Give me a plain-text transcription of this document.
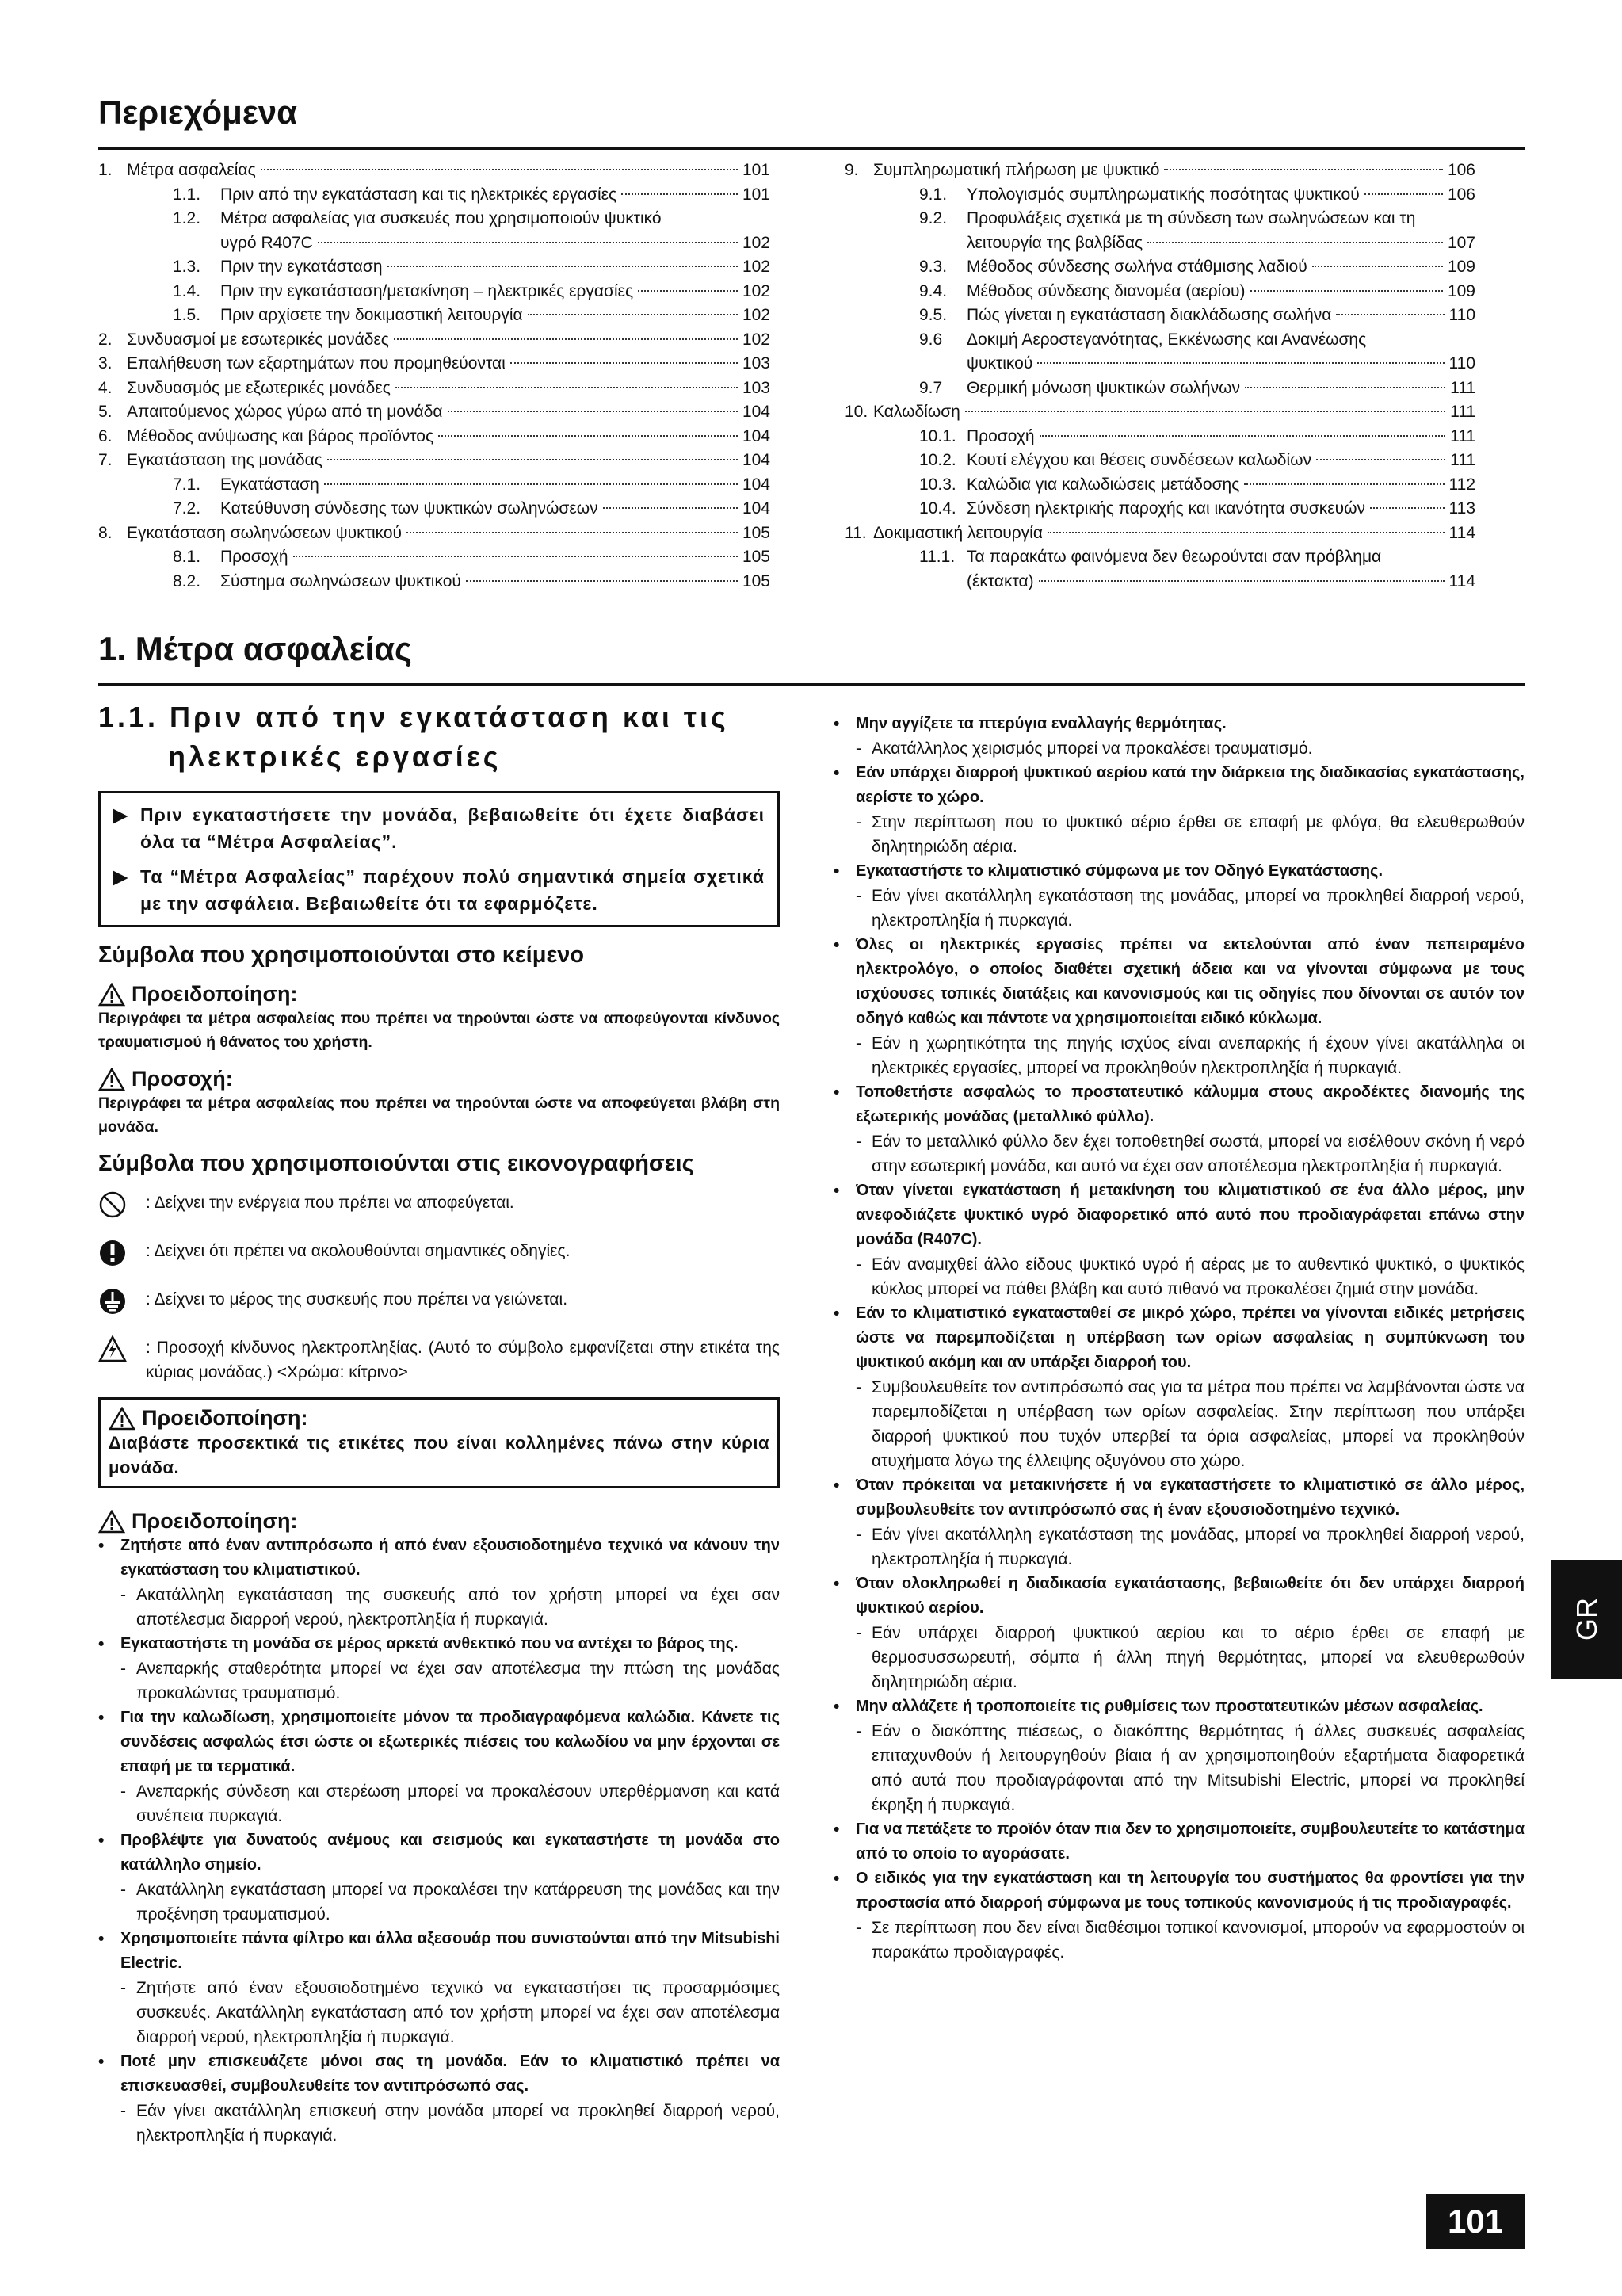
Περιεχόμενα
1. Μέτρα ασφαλείας	101
1.1.	Πριν από την εγκατάσταση και τις ηλεκτρικές εργασίες	101
1.2.	Μέτρα ασφαλείας για συσκευές που χρησιμοποιούν ψυκτικό
υγρό R407C	102
1.3.	Πριν την εγκατάσταση	102
1.4.	Πριν την εγκατάσταση/μετακίνηση – ηλεκτρικές εργασίες	102
1.5.	Πριν αρχίσετε την δοκιμαστική λειτουργία	102
2. Συνδυασμοί με εσωτερικές μονάδες	102
3. Επαλήθευση των εξαρτημάτων που προμηθεύονται	103
4. Συνδυασμός με εξωτερικές μονάδες	103
5. Απαιτούμενος χώρος γύρω από τη μονάδα	104
6. Μέθοδος ανύψωσης και βάρος προϊόντος	104
7. Εγκατάσταση της μονάδας	104
7.1.	Εγκατάσταση	104
7.2.	Κατεύθυνση σύνδεσης των ψυκτικών σωληνώσεων	104
8. Εγκατάσταση σωληνώσεων ψυκτικού	105
8.1.	Προσοχή	105
8.2.	Σύστημα σωληνώσεων ψυκτικού	105
9. Συμπληρωματική πλήρωση με ψυκτικό	106
9.1.	Υπολογισμός συμπληρωματικής ποσότητας ψυκτικού	106
9.2.	Προφυλάξεις σχετικά με τη σύνδεση των σωληνώσεων και τη
λειτουργία της βαλβίδας	107
9.3.	Μέθοδος σύνδεσης σωλήνα στάθμισης λαδιού	109
9.4.	Μέθοδος σύνδεσης διανομέα (αερίου)	109
9.5.	Πώς γίνεται η εγκατάσταση διακλάδωσης σωλήνα	110
9.6	Δοκιμή Αεροστεγανότητας, Εκκένωσης και Ανανέωσης
ψυκτικού	110
9.7	Θερμική μόνωση ψυκτικών σωλήνων	111
10. Καλωδίωση	111
10.1. Προσοχή	111
10.2. Κουτί ελέγχου και θέσεις συνδέσεων καλωδίων	111
10.3. Καλώδια για καλωδιώσεις μετάδοσης	112
10.4. Σύνδεση ηλεκτρικής παροχής και ικανότητα συσκευών	113
11. Δοκιμαστική λειτουργία	114
11.1. Τα παρακάτω φαινόμενα δεν θεωρούνται σαν πρόβλημα
(έκτακτα)	114
1. Μέτρα ασφαλείας
1.1. Πριν από την εγκατάσταση και τις
ηλεκτρικές εργασίες
▶ Πριν εγκαταστήσετε την μονάδα, βεβαιωθείτε ότι έχετε διαβάσει όλα τα “Μέτρα Ασφαλείας”.
▶ Τα “Μέτρα Ασφαλείας” παρέχουν πολύ σημαντικά σημεία σχετικά με την ασφάλεια. Βεβαιωθείτε ότι τα εφαρμόζετε.
Σύμβολα που χρησιμοποιούνται στο κείμενο
Προειδοποίηση:
Περιγράφει τα μέτρα ασφαλείας που πρέπει να τηρούνται ώστε να αποφεύγονται κίνδυνος τραυματισμού ή θάνατος του χρήστη.
Προσοχή:
Περιγράφει τα μέτρα ασφαλείας που πρέπει να τηρούνται ώστε να αποφεύγεται βλάβη στη μονάδα.
Σύμβολα που χρησιμοποιούνται στις εικονογραφήσεις
: Δείχνει την ενέργεια που πρέπει να αποφεύγεται.
: Δείχνει ότι πρέπει να ακολουθούνται σημαντικές οδηγίες.
: Δείχνει το μέρος της συσκευής που πρέπει να γειώνεται.
: Προσοχή κίνδυνος ηλεκτροπληξίας. (Αυτό το σύμβολο εμφανίζεται στην ετικέτα της κύριας μονάδας.) <Χρώμα: κίτρινο>
Προειδοποίηση:
Διαβάστε προσεκτικά τις ετικέτες που είναι κολλημένες πάνω στην κύρια μονάδα.
Προειδοποίηση:
•	Ζητήστε από έναν αντιπρόσωπο ή από έναν εξουσιοδοτημένο τεχνικό να κάνουν την εγκατάσταση του κλιματιστικού.
- Ακατάλληλη εγκατάσταση της συσκευής από τον χρήστη μπορεί να έχει σαν αποτέλεσμα διαρροή νερού, ηλεκτροπληξία ή πυρκαγιά.
•	Εγκαταστήστε τη μονάδα σε μέρος αρκετά ανθεκτικό που να αντέχει το βάρος της.
- Ανεπαρκής σταθερότητα μπορεί να έχει σαν αποτέλεσμα την πτώση της μονάδας προκαλώντας τραυματισμό.
•	Για την καλωδίωση, χρησιμοποιείτε μόνον τα προδιαγραφόμενα καλώδια. Κάνετε τις συνδέσεις ασφαλώς έτσι ώστε οι εξωτερικές πιέσεις του καλωδίου να μην έρχονται σε επαφή με τα τερματικά.
- Ανεπαρκής σύνδεση και στερέωση μπορεί να προκαλέσουν υπερθέρμανση και κατά συνέπεια πυρκαγιά.
•	Προβλέψτε για δυνατούς ανέμους και σεισμούς και εγκαταστήστε τη μονάδα στο κατάλληλο σημείο.
- Ακατάλληλη εγκατάσταση μπορεί να προκαλέσει την κατάρρευση της μονάδας και την προξένηση τραυματισμού.
•	Χρησιμοποιείτε πάντα φίλτρο και άλλα αξεσουάρ που συνιστούνται από την Mitsubishi Electric.
- Ζητήστε από έναν εξουσιοδοτημένο τεχνικό να εγκαταστήσει τις προσαρμόσιμες συσκευές. Ακατάλληλη εγκατάσταση από τον χρήστη μπορεί να έχει σαν αποτέλεσμα διαρροή νερού, ηλεκτροπληξία ή πυρκαγιά.
•	Ποτέ μην επισκευάζετε μόνοι σας τη μονάδα. Εάν το κλιματιστικό πρέπει να επισκευασθεί, συμβουλευθείτε τον αντιπρόσωπό σας.
- Εάν γίνει ακατάλληλη επισκευή στην μονάδα μπορεί να προκληθεί διαρροή νερού, ηλεκτροπληξία ή πυρκαγιά.
•	Μην αγγίζετε τα πτερύγια εναλλαγής θερμότητας.
- Ακατάλληλος χειρισμός μπορεί να προκαλέσει τραυματισμό.
•	Εάν υπάρχει διαρροή ψυκτικού αερίου κατά την διάρκεια της διαδικασίας εγκατάστασης, αερίστε το χώρο.
- Στην περίπτωση που το ψυκτικό αέριο έρθει σε επαφή με φλόγα, θα ελευθερωθούν δηλητηριώδη αέρια.
•	Εγκαταστήστε το κλιματιστικό σύμφωνα με τον Οδηγό Εγκατάστασης.
- Εάν γίνει ακατάλληλη εγκατάσταση της μονάδας, μπορεί να προκληθεί διαρροή νερού, ηλεκτροπληξία ή πυρκαγιά.
•	Όλες οι ηλεκτρικές εργασίες πρέπει να εκτελούνται από έναν πεπειραμένο ηλεκτρολόγο, ο οποίος διαθέτει σχετική άδεια και να γίνονται σύμφωνα με τους ισχύουσες τοπικές διατάξεις και κανονισμούς και τις οδηγίες που δίνονται σε αυτόν τον οδηγό καθώς και πάντοτε να χρησιμοποιείται ειδικό κύκλωμα.
- Εάν η χωρητικότητα της πηγής ισχύος είναι ανεπαρκής ή έχουν γίνει ακατάλληλα οι ηλεκτρικές εργασίες, μπορεί να προκληθούν ηλεκτροπληξία ή πυρκαγιά.
•	Τοποθετήστε ασφαλώς το προστατευτικό κάλυμμα στους ακροδέκτες διανομής της εξωτερικής μονάδας (μεταλλικό φύλλο).
- Εάν το μεταλλικό φύλλο δεν έχει τοποθετηθεί σωστά, μπορεί να εισέλθουν σκόνη ή νερό στην εσωτερική μονάδα, και αυτό να έχει σαν αποτέλεσμα ηλεκτροπληξία ή πυρκαγιά.
•	Όταν γίνεται εγκατάσταση ή μετακίνηση του κλιματιστικού σε ένα άλλο μέρος, μην ανεφοδιάζετε ψυκτικό υγρό διαφορετικό από αυτό που προδιαγράφεται επάνω στην μονάδα (R407C).
- Εάν αναμιχθεί άλλο είδους ψυκτικό υγρό ή αέρας με το αυθεντικό ψυκτικό, ο ψυκτικός κύκλος μπορεί να πάθει βλάβη και αυτό πιθανό να προκαλέσει ζημιά στην μονάδα.
•	Εάν το κλιματιστικό εγκατασταθεί σε μικρό χώρο, πρέπει να γίνονται ειδικές μετρήσεις ώστε να παρεμποδίζεται η υπέρβαση των ορίων ασφαλείας η συμπύκνωση του ψυκτικού ακόμη και αν υπάρξει διαρροή του.
- Συμβουλευθείτε τον αντιπρόσωπό σας για τα μέτρα που πρέπει να λαμβάνονται ώστε να παρεμποδίζεται η υπέρβαση των ορίων ασφαλείας. Στην περίπτωση που υπάρξει διαρροή ψυκτικού που τυχόν υπερβεί τα όρια ασφαλείας, μπορεί να προκληθούν ατυχήματα λόγω της έλλειψης οξυγόνου στο χώρο.
•	Όταν πρόκειται να μετακινήσετε ή να εγκαταστήσετε το κλιματιστικό σε άλλο μέρος, συμβουλευθείτε τον αντιπρόσωπό σας ή έναν εξουσιοδοτημένο τεχνικό.
- Εάν γίνει ακατάλληλη εγκατάσταση της μονάδας, μπορεί να προκληθεί διαρροή νερού, ηλεκτροπληξία ή πυρκαγιά.
•	Όταν ολοκληρωθεί η διαδικασία εγκατάστασης, βεβαιωθείτε ότι δεν υπάρχει διαρροή ψυκτικού αερίου.
- Εάν υπάρχει διαρροή ψυκτικού αερίου και το αέριο έρθει σε επαφή με θερμοσυσσωρευτή, σόμπα ή άλλη πηγή θερμότητας, μπορεί να ελευθερωθούν δηλητηριώδη αέρια.
•	Μην αλλάζετε ή τροποποιείτε τις ρυθμίσεις των προστατευτικών μέσων ασφαλείας.
- Εάν ο διακόπτης πιέσεως, ο διακόπτης θερμότητας ή άλλες συσκευές ασφαλείας επιταχυνθούν ή λειτουργηθούν βίαια ή αν χρησιμοποιηθούν εξαρτήματα διαφορετικά από αυτά που προδιαγράφονται από την Mitsubishi Electric, μπορεί να προκληθεί έκρηξη ή πυρκαγιά.
•	Για να πετάξετε το προϊόν όταν πια δεν το χρησιμοποιείτε, συμβουλευτείτε το κατάστημα από το οποίο το αγοράσατε.
•	Ο ειδικός για την εγκατάσταση και τη λειτουργία του συστήματος θα φροντίσει για την προστασία από διαρροή σύμφωνα με τους τοπικούς κανονισμούς ή τις προδιαγραφές.
- Σε περίπτωση που δεν είναι διαθέσιμοι τοπικοί κανονισμοί, μπορούν να εφαρμοστούν οι παρακάτω προδιαγραφές.
GR
101
